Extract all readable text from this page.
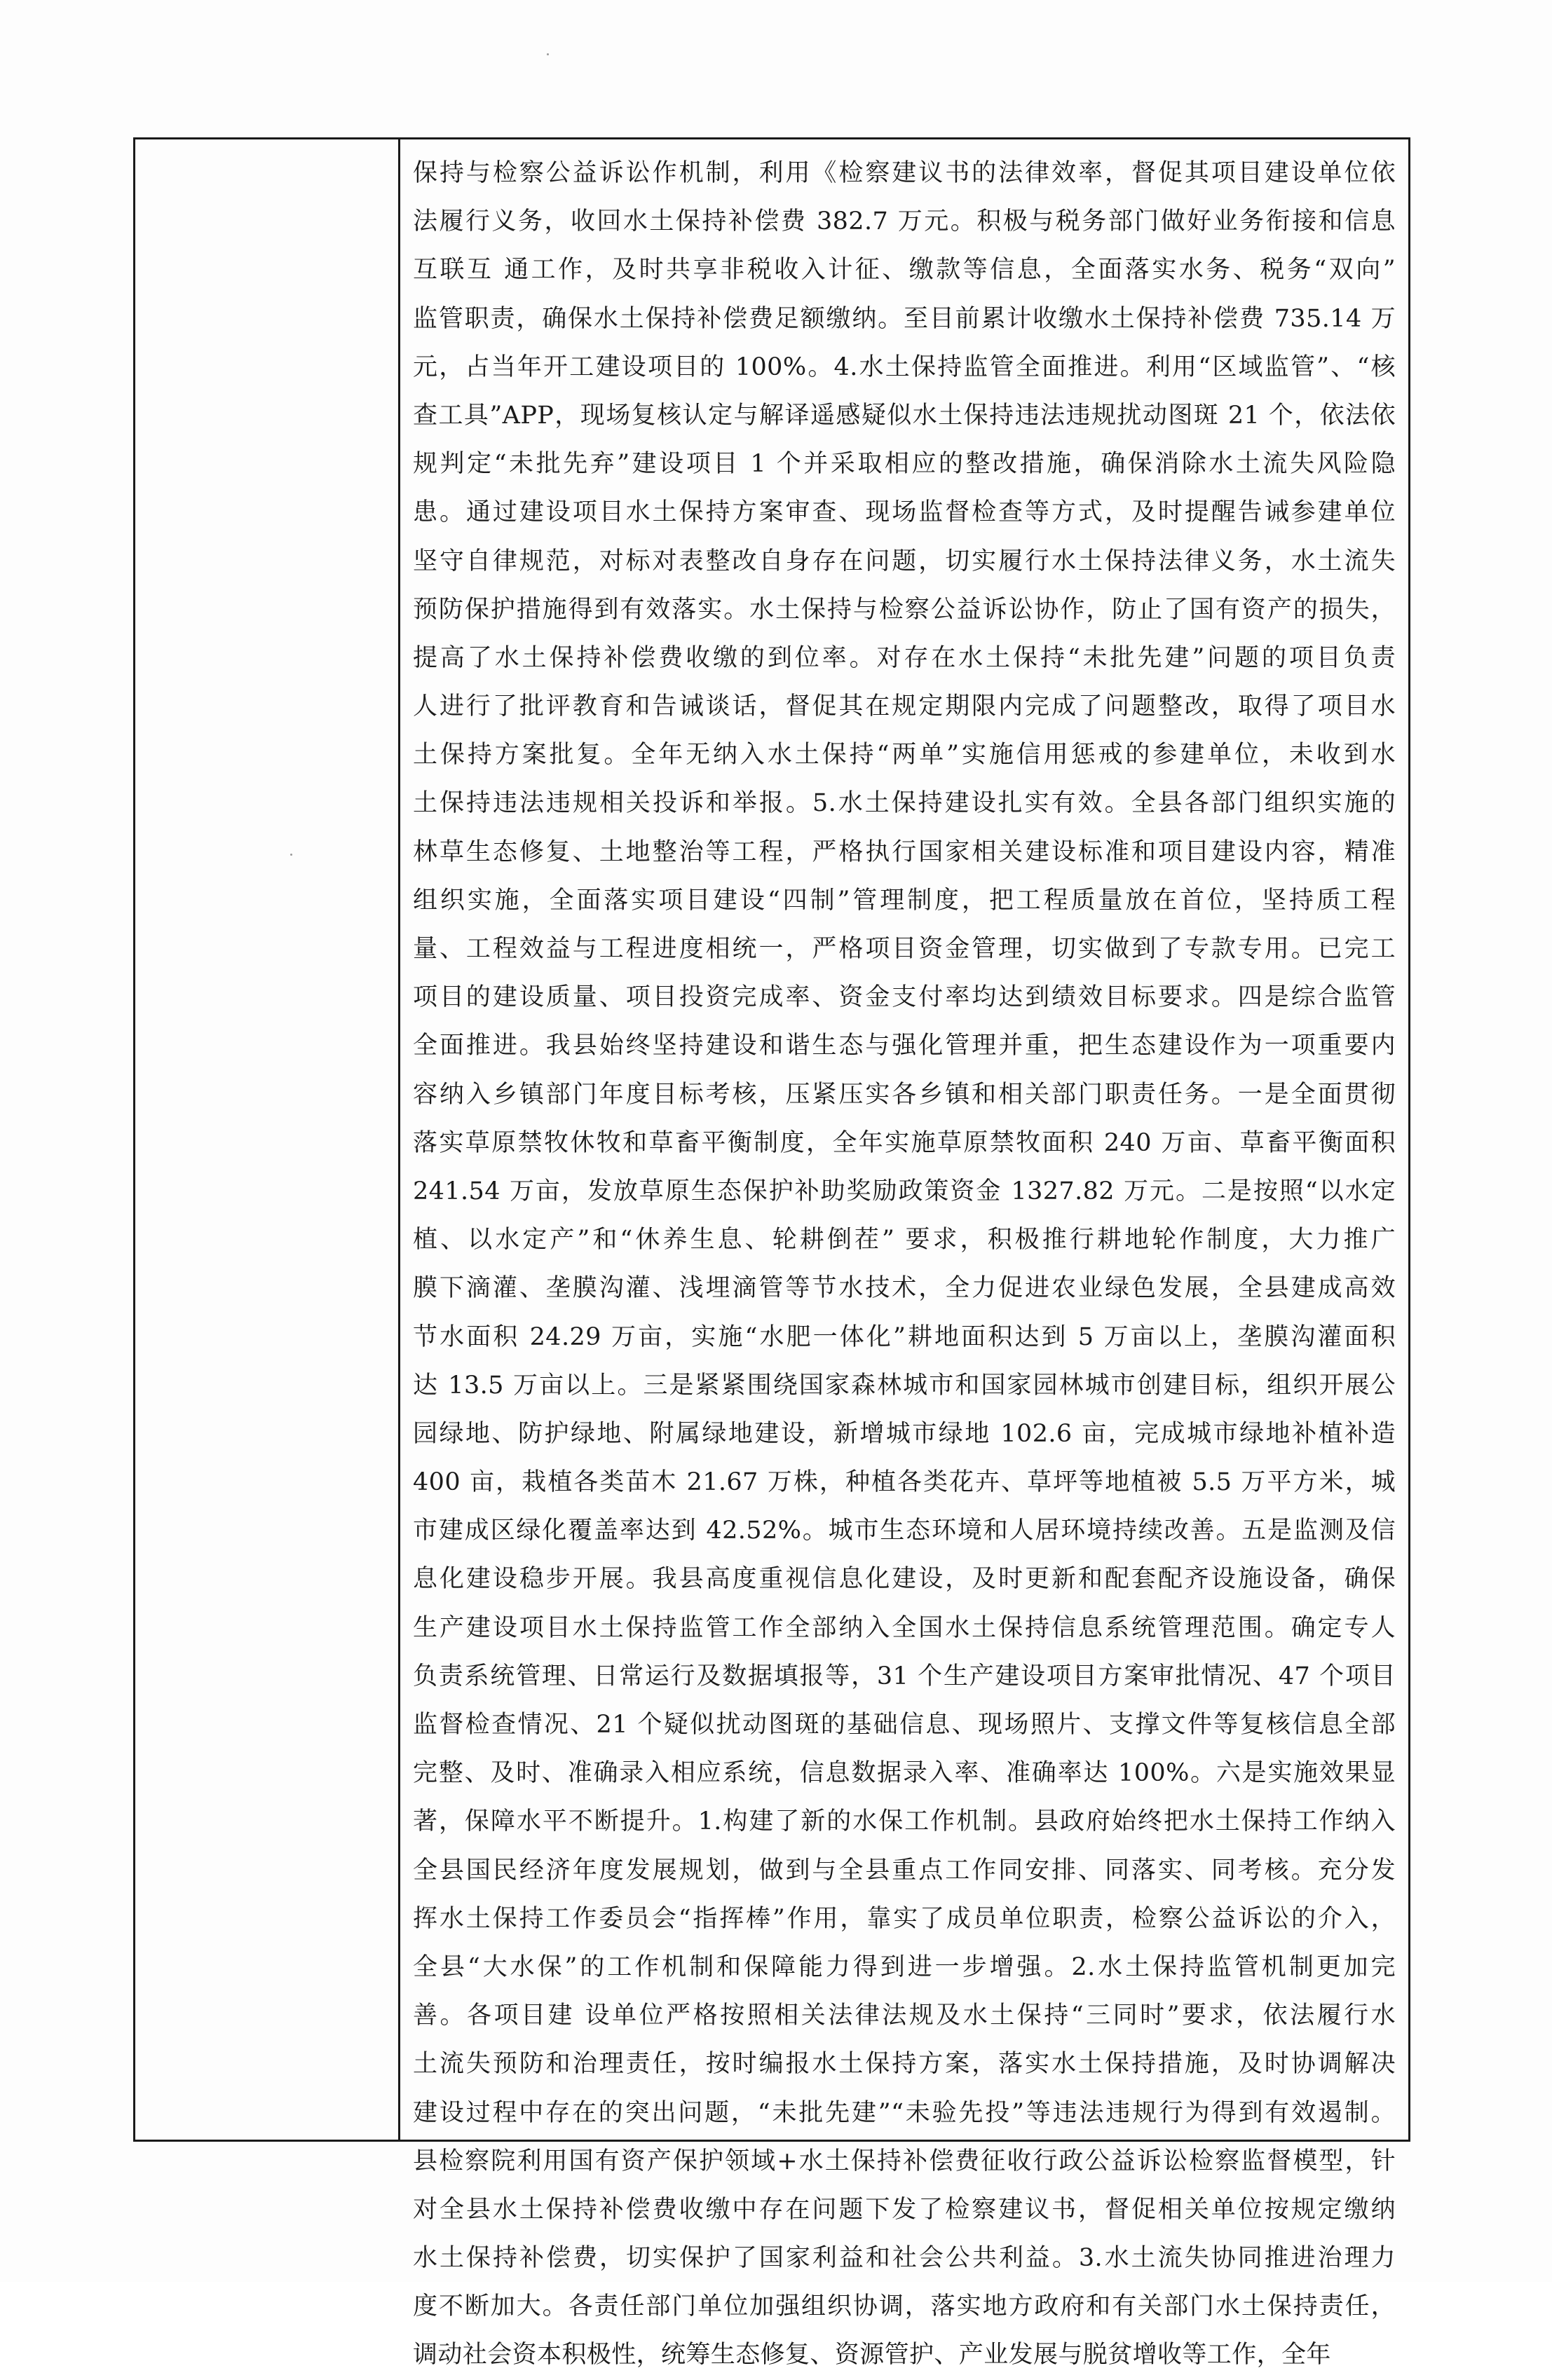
保持与检察公益诉讼作机制，利用《检察建议书的法律效率，督促其项目建设单位依
法履行义务，收回水土保持补偿费 382.7 万元。积极与税务部门做好业务衔接和信息
互联互 通工作，及时共享非税收入计征、缴款等信息，全面落实水务、税务“双向”
监管职责，确保水土保持补偿费足额缴纳。至目前累计收缴水土保持补偿费 735.14 万
元，占当年开工建设项目的 100%。4.水土保持监管全面推进。利用“区域监管”、“核
查工具”APP，现场复核认定与解译遥感疑似水土保持违法违规扰动图斑 21 个，依法依
规判定“未批先弃”建设项目 1 个并采取相应的整改措施，确保消除水土流失风险隐
患。通过建设项目水土保持方案审查、现场监督检查等方式，及时提醒告诫参建单位
坚守自律规范，对标对表整改自身存在问题，切实履行水土保持法律义务，水土流失
预防保护措施得到有效落实。水土保持与检察公益诉讼协作，防止了国有资产的损失，
提高了水土保持补偿费收缴的到位率。对存在水土保持“未批先建”问题的项目负责
人进行了批评教育和告诫谈话，督促其在规定期限内完成了问题整改，取得了项目水
土保持方案批复。全年无纳入水土保持“两单”实施信用惩戒的参建单位，未收到水
土保持违法违规相关投诉和举报。5.水土保持建设扎实有效。全县各部门组织实施的
林草生态修复、土地整治等工程，严格执行国家相关建设标准和项目建设内容，精准
组织实施，全面落实项目建设“四制”管理制度，把工程质量放在首位，坚持质工程
量、工程效益与工程进度相统一，严格项目资金管理，切实做到了专款专用。已完工
项目的建设质量、项目投资完成率、资金支付率均达到绩效目标要求。四是综合监管
全面推进。我县始终坚持建设和谐生态与强化管理并重，把生态建设作为一项重要内
容纳入乡镇部门年度目标考核，压紧压实各乡镇和相关部门职责任务。一是全面贯彻
落实草原禁牧休牧和草畜平衡制度，全年实施草原禁牧面积 240 万亩、草畜平衡面积
241.54 万亩，发放草原生态保护补助奖励政策资金 1327.82 万元。二是按照“以水定
植、以水定产”和“休养生息、轮耕倒茬” 要求，积极推行耕地轮作制度，大力推广
膜下滴灌、垄膜沟灌、浅埋滴管等节水技术，全力促进农业绿色发展，全县建成高效
节水面积 24.29 万亩，实施“水肥一体化”耕地面积达到 5 万亩以上，垄膜沟灌面积
达 13.5 万亩以上。三是紧紧围绕国家森林城市和国家园林城市创建目标，组织开展公
园绿地、防护绿地、附属绿地建设，新增城市绿地 102.6 亩，完成城市绿地补植补造
400 亩，栽植各类苗木 21.67 万株，种植各类花卉、草坪等地植被 5.5 万平方米，城
市建成区绿化覆盖率达到 42.52%。城市生态环境和人居环境持续改善。五是监测及信
息化建设稳步开展。我县高度重视信息化建设，及时更新和配套配齐设施设备，确保
生产建设项目水土保持监管工作全部纳入全国水土保持信息系统管理范围。确定专人
负责系统管理、日常运行及数据填报等，31 个生产建设项目方案审批情况、47 个项目
监督检查情况、21 个疑似扰动图斑的基础信息、现场照片、支撑文件等复核信息全部
完整、及时、准确录入相应系统，信息数据录入率、准确率达 100%。六是实施效果显
著，保障水平不断提升。1.构建了新的水保工作机制。县政府始终把水土保持工作纳入
全县国民经济年度发展规划，做到与全县重点工作同安排、同落实、同考核。充分发
挥水土保持工作委员会“指挥棒”作用，靠实了成员单位职责，检察公益诉讼的介入，
全县“大水保”的工作机制和保障能力得到进一步增强。2.水土保持监管机制更加完
善。各项目建 设单位严格按照相关法律法规及水土保持“三同时”要求，依法履行水
土流失预防和治理责任，按时编报水土保持方案，落实水土保持措施，及时协调解决
建设过程中存在的突出问题，“未批先建”“未验先投”等违法违规行为得到有效遏制。
县检察院利用国有资产保护领域+水土保持补偿费征收行政公益诉讼检察监督模型，针
对全县水土保持补偿费收缴中存在问题下发了检察建议书，督促相关单位按规定缴纳
水土保持补偿费，切实保护了国家利益和社会公共利益。3.水土流失协同推进治理力
度不断加大。各责任部门单位加强组织协调，落实地方政府和有关部门水土保持责任，
调动社会资本积极性，统筹生态修复、资源管护、产业发展与脱贫增收等工作，全年
